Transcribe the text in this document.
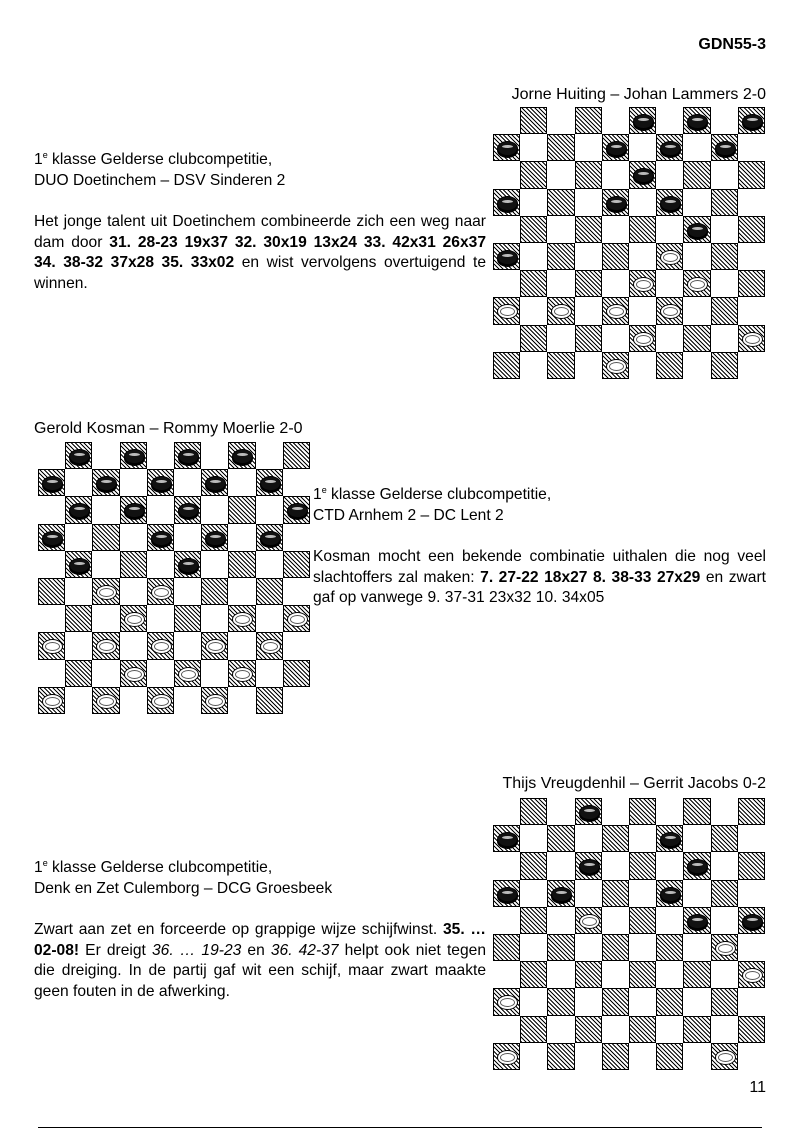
GDN55-3
Jorne Huiting – Johan Lammers 2-0

1e klasse Gelderse clubcompetitie,

DUO Doetinchem – DSV Sinderen 2

Het jonge talent uit Doetinchem combineerde zich een weg naar dam door 31. 28-23 19x37 32. 30x19 13x24 33. 42x31 26x37 34. 38-32 37x28 35. 33x02 en wist vervolgens overtuigend te winnen.

Gerold Kosman – Rommy Moerlie 2-0

1e klasse Gelderse clubcompetitie,

CTD Arnhem 2 – DC Lent 2

Kosman mocht een bekende combinatie uithalen die nog veel slachtoffers zal maken: 7. 27-22 18x27 8. 38-33 27x29 en zwart gaf op vanwege 9. 37-31 23x32 10. 34x05

Thijs Vreugdenhil – Gerrit Jacobs 0-2

1e klasse Gelderse clubcompetitie,

Denk en Zet Culemborg – DCG Groesbeek

Zwart aan zet en forceerde op grappige wijze schijfwinst. 35. … 02-08! Er dreigt 36. … 19-23 en 36. 42-37 helpt ook niet tegen die dreiging. In de partij gaf wit een schijf, maar zwart maakte geen fouten in de afwerking.

11
